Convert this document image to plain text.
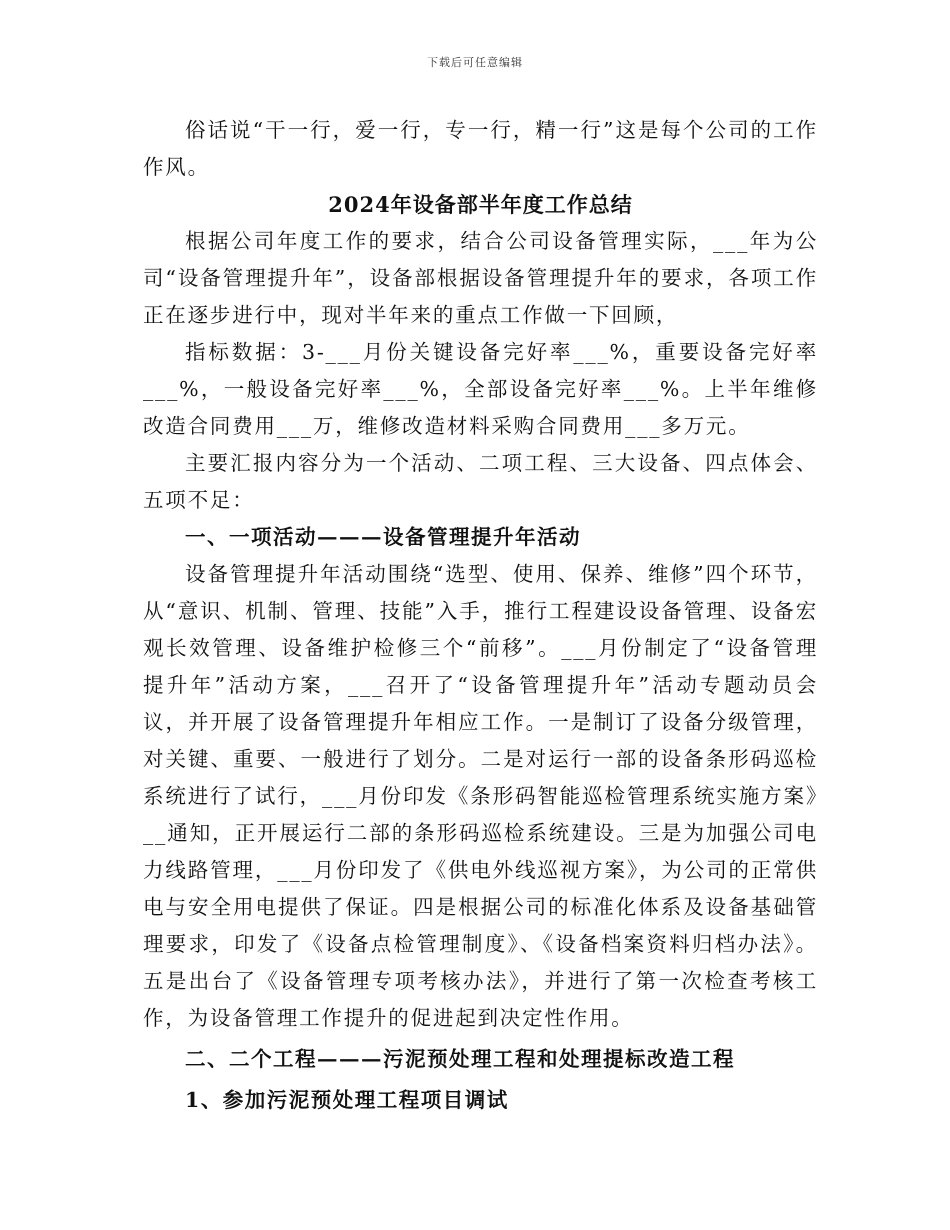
下载后可任意编辑

俗话说“干一行，爱一行，专一行，精一行”这是每个公司的工作作风。

2024年设备部半年度工作总结

根据公司年度工作的要求，结合公司设备管理实际，___年为公司“设备管理提升年”，设备部根据设备管理提升年的要求，各项工作正在逐步进行中，现对半年来的重点工作做一下回顾，

指标数据：3-___月份关键设备完好率___%，重要设备完好率___%，一般设备完好率___%，全部设备完好率___%。上半年维修改造合同费用___万，维修改造材料采购合同费用___多万元。

主要汇报内容分为一个活动、二项工程、三大设备、四点体会、五项不足：

一、一项活动———设备管理提升年活动

设备管理提升年活动围绕“选型、使用、保养、维修”四个环节，从“意识、机制、管理、技能”入手，推行工程建设设备管理、设备宏观长效管理、设备维护检修三个“前移”。___月份制定了“设备管理提升年”活动方案，___召开了“设备管理提升年”活动专题动员会议，并开展了设备管理提升年相应工作。一是制订了设备分级管理，对关键、重要、一般进行了划分。二是对运行一部的设备条形码巡检系统进行了试行，___月份印发《条形码智能巡检管理系统实施方案》__通知，正开展运行二部的条形码巡检系统建设。三是为加强公司电力线路管理，___月份印发了《供电外线巡视方案》，为公司的正常供电与安全用电提供了保证。四是根据公司的标准化体系及设备基础管理要求，印发了《设备点检管理制度》、《设备档案资料归档办法》。五是出台了《设备管理专项考核办法》，并进行了第一次检查考核工作，为设备管理工作提升的促进起到决定性作用。

二、二个工程———污泥预处理工程和处理提标改造工程
1、参加污泥预处理工程项目调试
